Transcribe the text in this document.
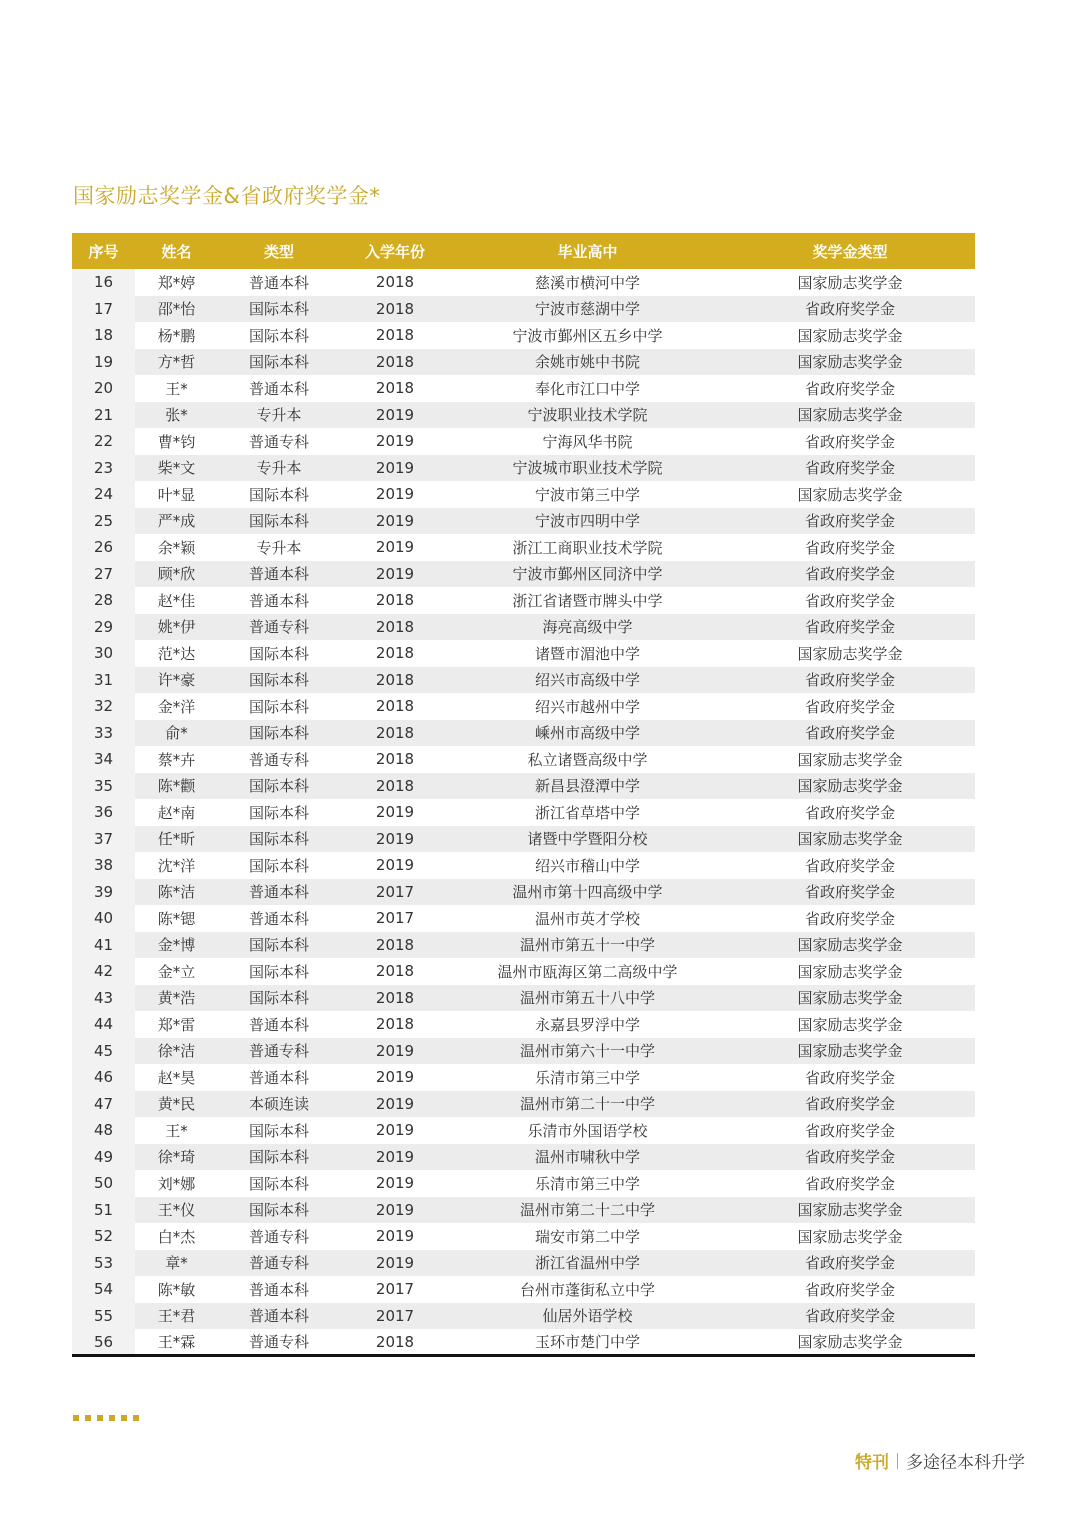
国家励志奖学金&省政府奖学金*
序号	姓名	类型	入学年份	毕业高中	奖学金类型
16	郑*婷	普通本科	2018	慈溪市横河中学	国家励志奖学金
17	邵*怡	国际本科	2018	宁波市慈湖中学	省政府奖学金
18	杨*鹏	国际本科	2018	宁波市鄞州区五乡中学	国家励志奖学金
19	方*哲	国际本科	2018	余姚市姚中书院	国家励志奖学金
20	王*	普通本科	2018	奉化市江口中学	省政府奖学金
21	张*	专升本	2019	宁波职业技术学院	国家励志奖学金
22	曹*钧	普通专科	2019	宁海风华书院	省政府奖学金
23	柴*文	专升本	2019	宁波城市职业技术学院	省政府奖学金
24	叶*显	国际本科	2019	宁波市第三中学	国家励志奖学金
25	严*成	国际本科	2019	宁波市四明中学	省政府奖学金
26	余*颖	专升本	2019	浙江工商职业技术学院	省政府奖学金
27	顾*欣	普通本科	2019	宁波市鄞州区同济中学	省政府奖学金
28	赵*佳	普通本科	2018	浙江省诸暨市牌头中学	省政府奖学金
29	姚*伊	普通专科	2018	海亮高级中学	省政府奖学金
30	范*达	国际本科	2018	诸暨市湄池中学	国家励志奖学金
31	许*豪	国际本科	2018	绍兴市高级中学	省政府奖学金
32	金*洋	国际本科	2018	绍兴市越州中学	省政府奖学金
33	俞*	国际本科	2018	嵊州市高级中学	省政府奖学金
34	蔡*卉	普通专科	2018	私立诸暨高级中学	国家励志奖学金
35	陈*颧	国际本科	2018	新昌县澄潭中学	国家励志奖学金
36	赵*南	国际本科	2019	浙江省草塔中学	省政府奖学金
37	任*昕	国际本科	2019	诸暨中学暨阳分校	国家励志奖学金
38	沈*洋	国际本科	2019	绍兴市稽山中学	省政府奖学金
39	陈*洁	普通本科	2017	温州市第十四高级中学	省政府奖学金
40	陈*锶	普通本科	2017	温州市英才学校	省政府奖学金
41	金*博	国际本科	2018	温州市第五十一中学	国家励志奖学金
42	金*立	国际本科	2018	温州市瓯海区第二高级中学	国家励志奖学金
43	黄*浩	国际本科	2018	温州市第五十八中学	国家励志奖学金
44	郑*雷	普通本科	2018	永嘉县罗浮中学	国家励志奖学金
45	徐*洁	普通专科	2019	温州市第六十一中学	国家励志奖学金
46	赵*昊	普通本科	2019	乐清市第三中学	省政府奖学金
47	黄*民	本硕连读	2019	温州市第二十一中学	省政府奖学金
48	王*	国际本科	2019	乐清市外国语学校	省政府奖学金
49	徐*琦	国际本科	2019	温州市啸秋中学	省政府奖学金
50	刘*娜	国际本科	2019	乐清市第三中学	省政府奖学金
51	王*仪	国际本科	2019	温州市第二十二中学	国家励志奖学金
52	白*杰	普通专科	2019	瑞安市第二中学	国家励志奖学金
53	章*	普通专科	2019	浙江省温州中学	省政府奖学金
54	陈*敏	普通本科	2017	台州市蓬街私立中学	省政府奖学金
55	王*君	普通本科	2017	仙居外语学校	省政府奖学金
56	王*霖	普通专科	2018	玉环市楚门中学	国家励志奖学金
特刊 多途径本科升学
